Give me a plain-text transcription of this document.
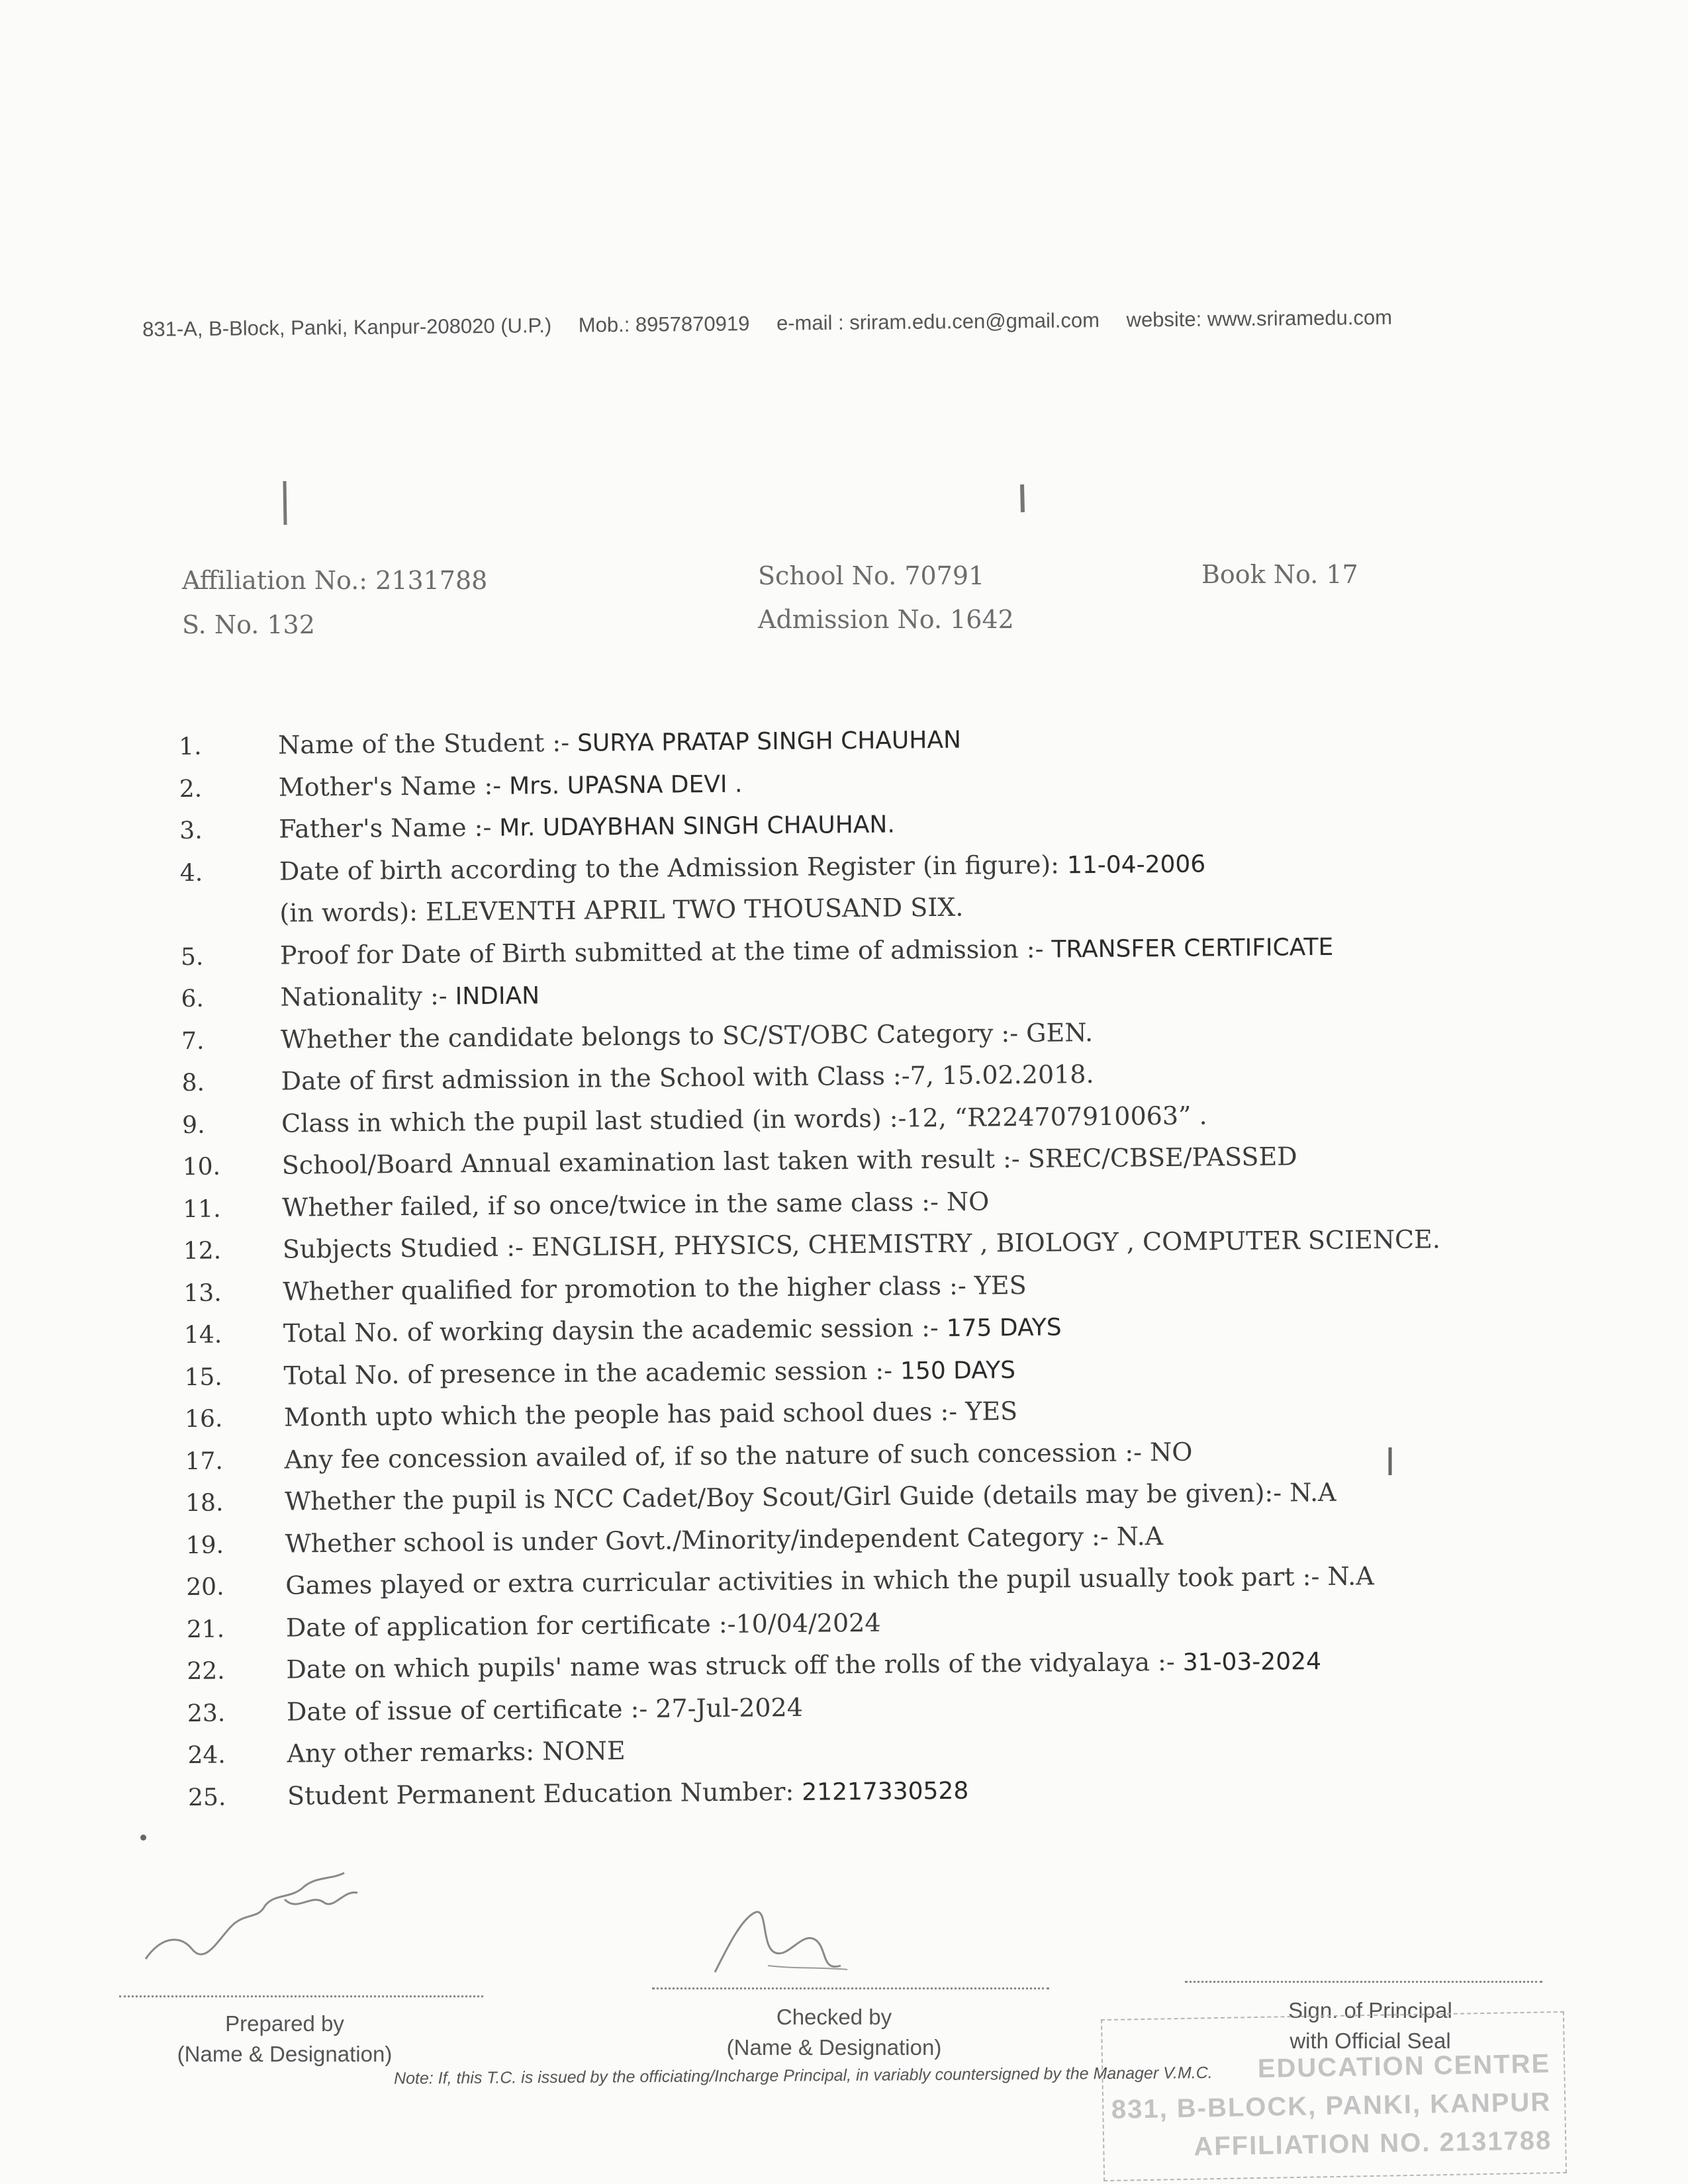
831-A, B-Block, Panki, Kanpur-208020 (U.P.) Mob.: 8957870919 e-mail : sriram.edu.cen@gmail.com website: www.sriramedu.com
Affiliation No.: 2131788
S. No. 132
School No. 70791
Admission No. 1642
Book No. 17
1.	Name of the Student :- SURYA PRATAP SINGH CHAUHAN
2.	Mother's Name :- Mrs. UPASNA DEVI .
3.	Father's Name :- Mr. UDAYBHAN SINGH CHAUHAN.
4.	Date of birth according to the Admission Register (in figure): 11-04-2006
(in words): ELEVENTH APRIL TWO THOUSAND SIX.
5.	Proof for Date of Birth submitted at the time of admission :- TRANSFER CERTIFICATE
6.	Nationality :- INDIAN
7.	Whether the candidate belongs to SC/ST/OBC Category :- GEN.
8.	Date of first admission in the School with Class :-7, 15.02.2018.
9.	Class in which the pupil last studied (in words) :-12, “R224707910063” .
10.	School/Board Annual examination last taken with result :- SREC/CBSE/PASSED
11.	Whether failed, if so once/twice in the same class :- NO
12.	Subjects Studied :- ENGLISH, PHYSICS, CHEMISTRY , BIOLOGY , COMPUTER SCIENCE.
13.	Whether qualified for promotion to the higher class :- YES
14.	Total No. of working daysin the academic session :- 175 DAYS
15.	Total No. of presence in the academic session :- 150 DAYS
16.	Month upto which the people has paid school dues :- YES
17.	Any fee concession availed of, if so the nature of such concession :- NO
18.	Whether the pupil is NCC Cadet/Boy Scout/Girl Guide (details may be given):- N.A
19.	Whether school is under Govt./Minority/independent Category :- N.A
20.	Games played or extra curricular activities in which the pupil usually took part :- N.A
21.	Date of application for certificate :-10/04/2024
22.	Date on which pupils' name was struck off the rolls of the vidyalaya :- 31-03-2024
23.	Date of issue of certificate :- 27-Jul-2024
24.	Any other remarks: NONE
25.	Student Permanent Education Number: 21217330528
Prepared by
(Name & Designation)
Checked by
(Name & Designation)
Sign. of Principal
with Official Seal
EDUCATION CENTRE
831, B-BLOCK, PANKI, KANPUR
AFFILIATION NO. 2131788
Note: If, this T.C. is issued by the officiating/Incharge Principal, in variably countersigned by the Manager V.M.C.
